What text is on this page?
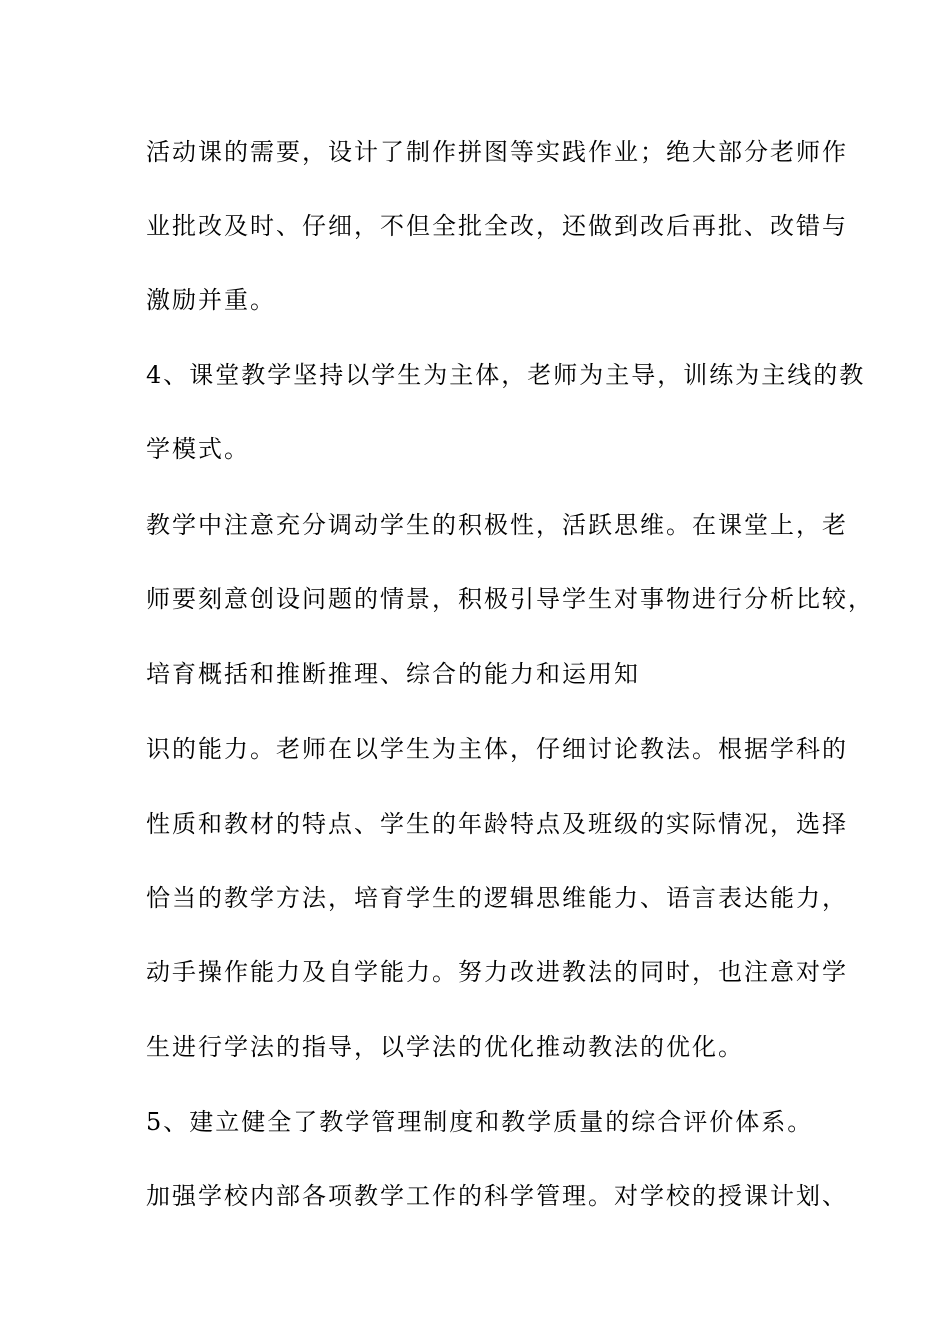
活动课的需要，设计了制作拼图等实践作业；绝大部分老师作
业批改及时、仔细，不但全批全改，还做到改后再批、改错与
激励并重。
4、课堂教学坚持以学生为主体，老师为主导，训练为主线的教
学模式。
教学中注意充分调动学生的积极性，活跃思维。在课堂上，老
师要刻意创设问题的情景，积极引导学生对事物进行分析比较，
培育概括和推断推理、综合的能力和运用知
识的能力。老师在以学生为主体，仔细讨论教法。根据学科的
性质和教材的特点、学生的年龄特点及班级的实际情况，选择
恰当的教学方法，培育学生的逻辑思维能力、语言表达能力，
动手操作能力及自学能力。努力改进教法的同时，也注意对学
生进行学法的指导，以学法的优化推动教法的优化。
5、建立健全了教学管理制度和教学质量的综合评价体系。
加强学校内部各项教学工作的科学管理。对学校的授课计划、
